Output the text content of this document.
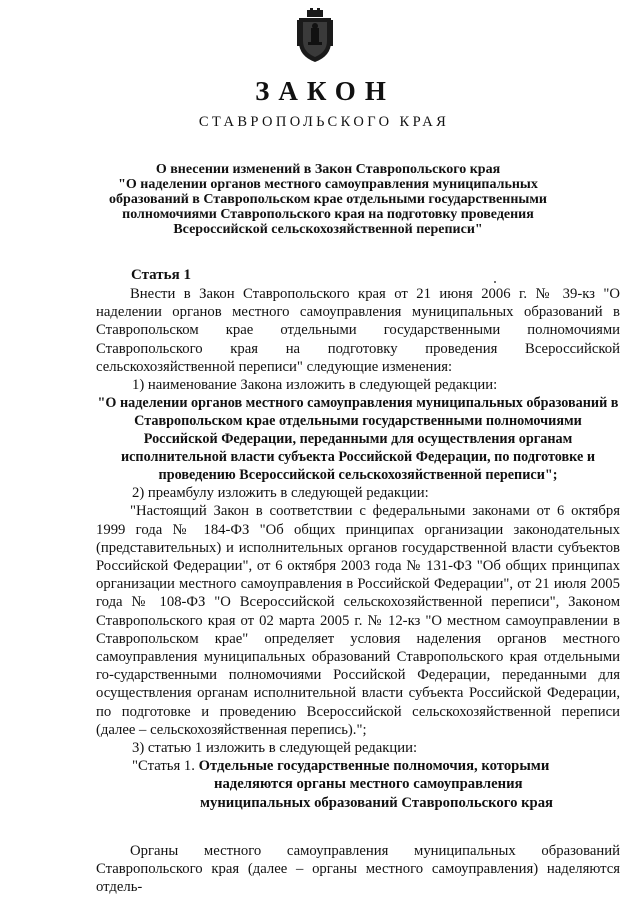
ЗАКОН
СТАВРОПОЛЬСКОГО КРАЯ
О внесении изменений в Закон Ставропольского края
"О наделении органов местного самоуправления муниципальных
образований в Ставропольском крае отдельными государственными
полномочиями Ставропольского края на подготовку проведения
Всероссийской сельскохозяйственной переписи"
Статья 1

Внести в Закон Ставропольского края от 21 июня 2006 г. № 39-кз "О наделении органов местного самоуправления муниципальных образований в Ставропольском крае отдельными государственными полномочиями Ставропольского края на подготовку проведения Всероссийской сельскохозяйственной переписи" следующие изменения:

1) наименование Закона изложить в следующей редакции:

"О наделении органов местного самоуправления муниципальных образований в Ставропольском крае отдельными государственными полномочиями Российской Федерации, переданными для осуществления органам исполнительной власти субъекта Российской Федерации, по подготовке и проведению Всероссийской сельскохозяйственной переписи";

2) преамбулу изложить в следующей редакции:

"Настоящий Закон в соответствии с федеральными законами от 6 октября 1999 года № 184-ФЗ "Об общих принципах организации законодательных (представительных) и исполнительных органов государственной власти субъектов Российской Федерации", от 6 октября 2003 года № 131-ФЗ "Об общих принципах организации местного самоуправления в Российской Федерации", от 21 июля 2005 года № 108-ФЗ "О Всероссийской сельскохозяйственной переписи", Законом Ставропольского края от 02 марта 2005 г. № 12-кз "О местном самоуправлении в Ставропольском крае" определяет условия наделения органов местного самоуправления муниципальных образований Ставропольского края отдельными го-сударственными полномочиями Российской Федерации, переданными для осуществления органам исполнительной власти субъекта Российской Федерации, по подготовке и проведению Всероссийской сельскохозяйственной переписи (далее – сельскохозяйственная перепись).";

3) статью 1 изложить в следующей редакции:

"Статья 1. Отдельные государственные полномочия, которыми

наделяются органы местного самоуправления

муниципальных образований Ставропольского края

Органы местного самоуправления муниципальных образований Ставропольского края (далее – органы местного самоуправления) наделяются отдель-
